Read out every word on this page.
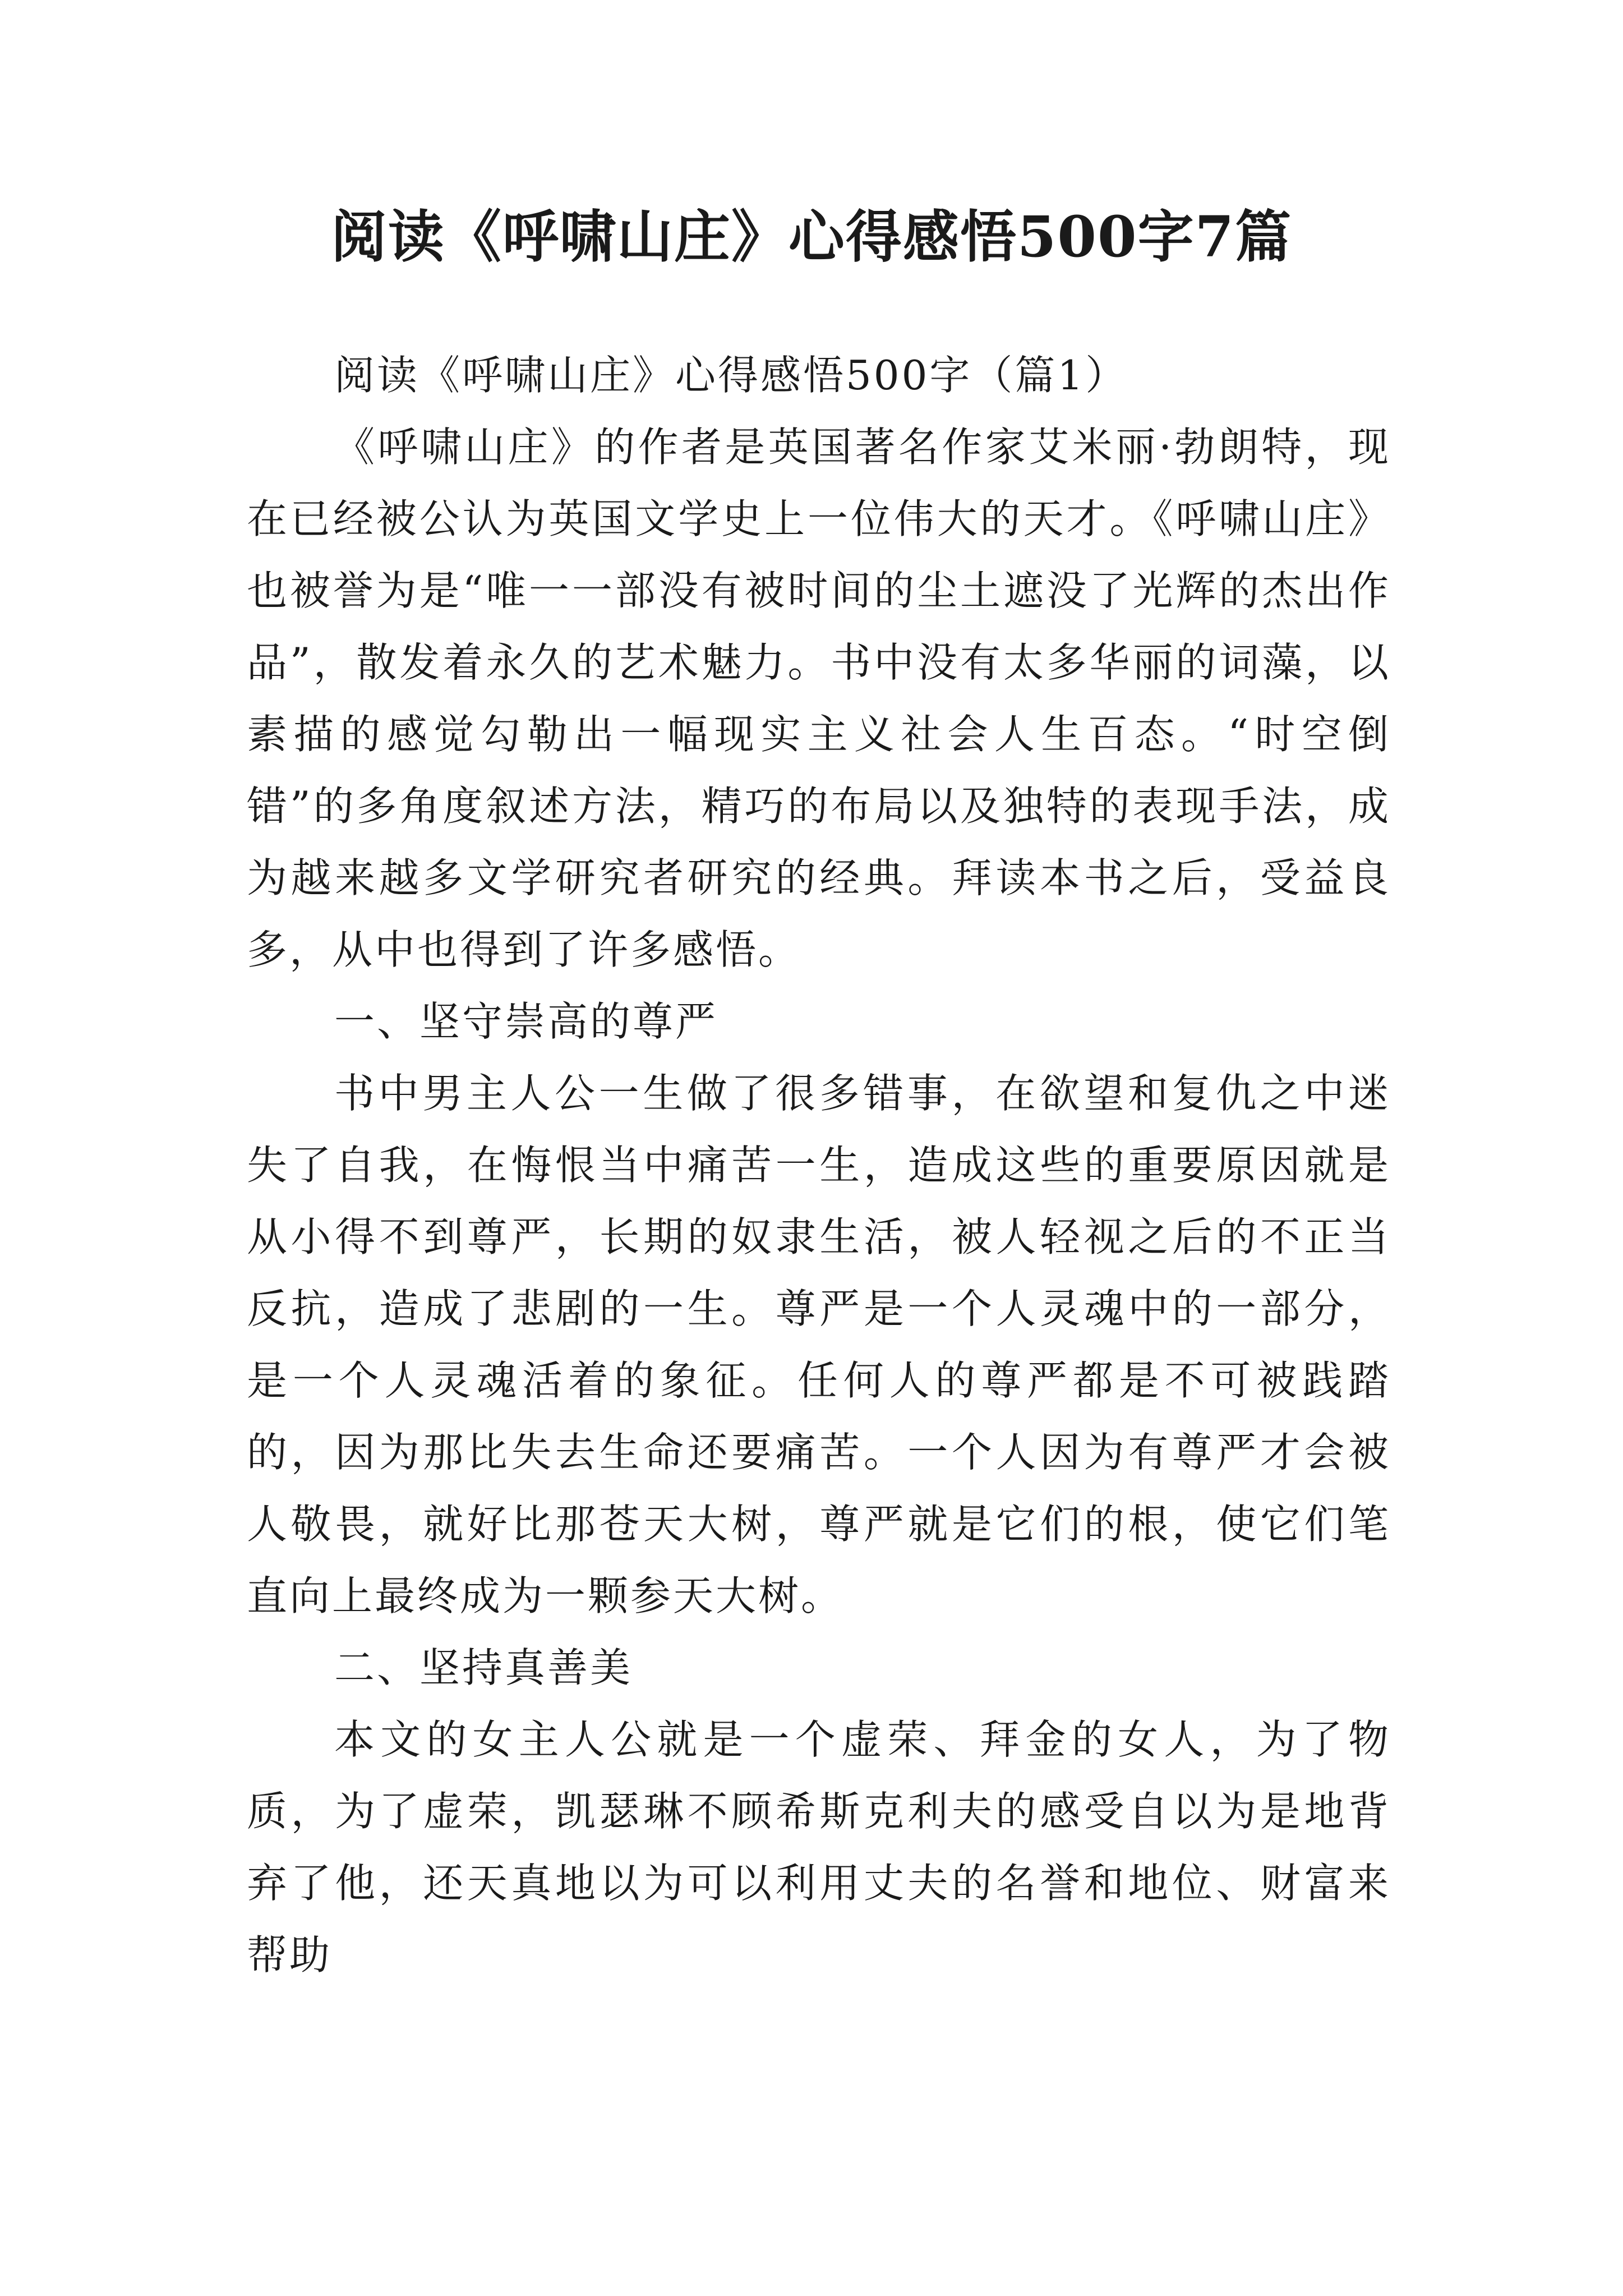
阅读《呼啸山庄》心得感悟500字7篇

阅读《呼啸山庄》心得感悟500字（篇1）

《呼啸山庄》的作者是英国著名作家艾米丽·勃朗特，现在已经被公认为英国文学史上一位伟大的天才。《呼啸山庄》也被誉为是“唯一一部没有被时间的尘土遮没了光辉的杰出作品”，散发着永久的艺术魅力。书中没有太多华丽的词藻，以素描的感觉勾勒出一幅现实主义社会人生百态。“时空倒错”的多角度叙述方法，精巧的布局以及独特的表现手法，成为越来越多文学研究者研究的经典。拜读本书之后，受益良多，从中也得到了许多感悟。

一、坚守崇高的尊严

书中男主人公一生做了很多错事，在欲望和复仇之中迷失了自我，在悔恨当中痛苦一生，造成这些的重要原因就是从小得不到尊严，长期的奴隶生活，被人轻视之后的不正当反抗，造成了悲剧的一生。尊严是一个人灵魂中的一部分，是一个人灵魂活着的象征。任何人的尊严都是不可被践踏的，因为那比失去生命还要痛苦。一个人因为有尊严才会被人敬畏，就好比那苍天大树，尊严就是它们的根，使它们笔直向上最终成为一颗参天大树。

二、坚持真善美

本文的女主人公就是一个虚荣、拜金的女人，为了物质，为了虚荣，凯瑟琳不顾希斯克利夫的感受自以为是地背弃了他，还天真地以为可以利用丈夫的名誉和地位、财富来帮助
